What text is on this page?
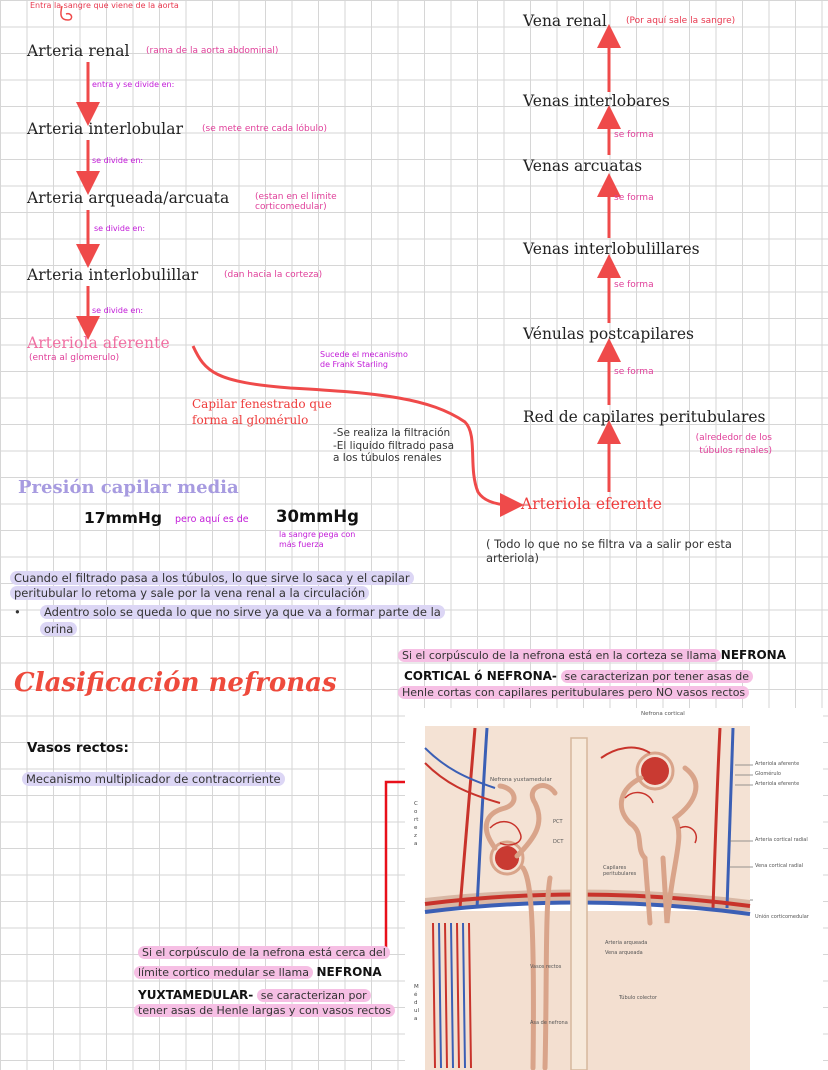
Entra la sangre que viene de la aorta
Arteria renal (rama de la aorta abdominal)
entra y se divide en:
Arteria interlobular (se mete entre cada lóbulo)
se divide en:
Arteria arqueada/arcuata	(estan en el limite corticomedular)
se divide en:
Arteria interlobulillar	(dan hacia la corteza)
se divide en:
Arteriola aferente
(entra al glomerulo)	Sucede el mecanismo de Frank Starling
Capilar fenestrado que forma al glomérulo
-Se realiza la filtración
-El liquido filtrado pasa
a los túbulos renales
Vena renal (Por aquí sale la sangre)
Venas interlobares
se forma
Venas arcuatas
se forma
Venas interlobulillares
se forma
Vénulas postcapilares
se forma
Red de capilares peritubulares
(alrededor de los túbulos renales)
Arteriola eferente
( Todo lo que no se filtra va a salir por esta arteriola)
Presión capilar media
17mmHg pero aquí es de 30mmHg
la sangre pega con más fuerza
Cuando el filtrado pasa a los túbulos, lo que sirve lo saca y el capilar
peritubular lo retoma y sale por la vena renal a la circulación
•	Adentro solo se queda lo que no sirve ya que va a formar parte de la
orina
Clasificación nefronas
Si el corpúsculo de la nefrona está en la corteza se llama NEFRONA
CORTICAL ó NEFRONA- se caracterizan por tener asas de
Henle cortas con capilares peritubulares pero NO vasos rectos
Vasos rectos:
Mecanismo multiplicador de contracorriente
Si el corpúsculo de la nefrona está cerca del
límite cortico medular se llama NEFRONA
YUXTAMEDULAR- se caracterizan por
tener asas de Henle largas y con vasos rectos
Nefrona cortical
Nefrona yuxtamedular
Arteriola aferente
Glomérulo
Arteriola eferente
Arteria cortical radial
Vena cortical radial
Unión corticomedular
PCT
DCT
Capilares peritubulares
Arteria arqueada
Vena arqueada
Vasos rectos
Túbulo colector
Asa de nefrona
Corteza
Médula
